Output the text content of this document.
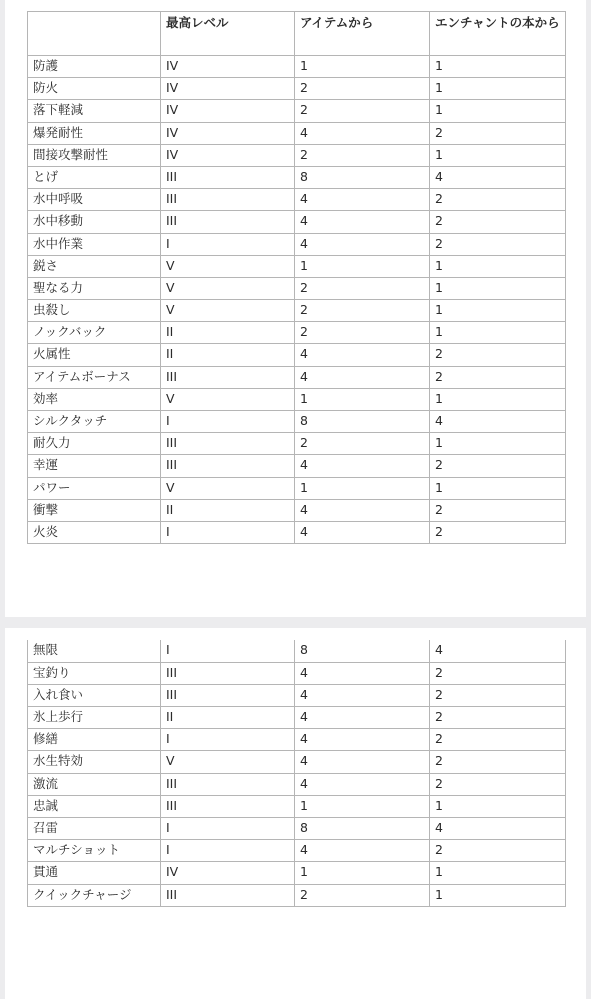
	最高レベル	アイテムから	エンチャントの本から
防護	IV	1	1
防火	IV	2	1
落下軽減	IV	2	1
爆発耐性	IV	4	2
間接攻撃耐性	IV	2	1
とげ	III	8	4
水中呼吸	III	4	2
水中移動	III	4	2
水中作業	I	4	2
鋭さ	V	1	1
聖なる力	V	2	1
虫殺し	V	2	1
ノックバック	II	2	1
火属性	II	4	2
アイテムボーナス	III	4	2
効率	V	1	1
シルクタッチ	I	8	4
耐久力	III	2	1
幸運	III	4	2
パワー	V	1	1
衝撃	II	4	2
火炎	I	4	2
無限	I	8	4
宝釣り	III	4	2
入れ食い	III	4	2
氷上歩行	II	4	2
修繕	I	4	2
水生特効	V	4	2
激流	III	4	2
忠誠	III	1	1
召雷	I	8	4
マルチショット	I	4	2
貫通	IV	1	1
クイックチャージ	III	2	1
